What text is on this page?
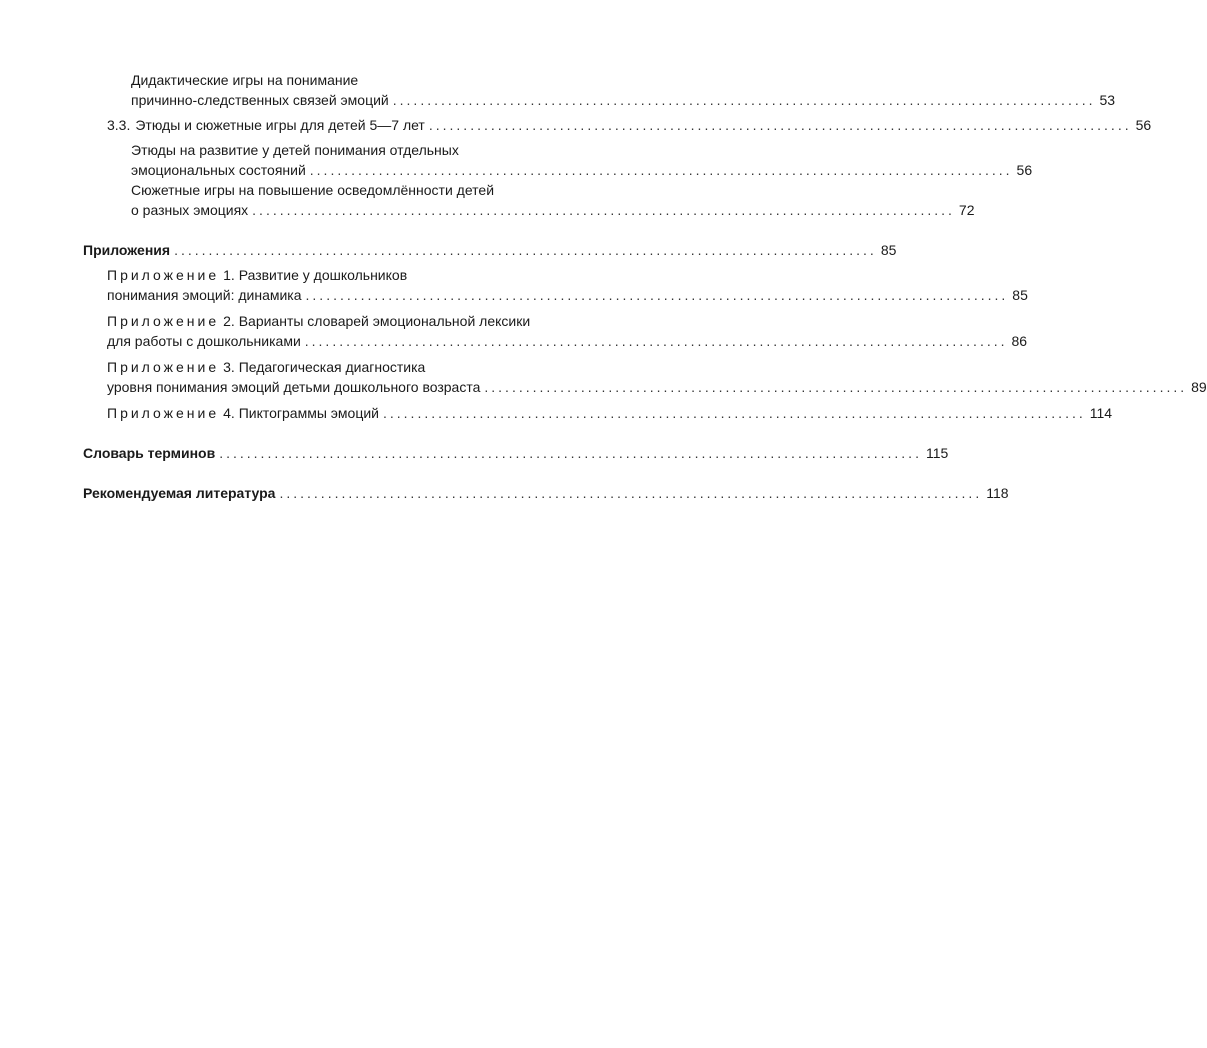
Дидактические игры на понимание
причинно-следственных связей эмоций ...................................................................................................... 53
3.3. Этюды и сюжетные игры для детей 5—7 лет ...................................................................................................... 56
Этюды на развитие у детей понимания отдельных
эмоциональных состояний ...................................................................................................... 56
Сюжетные игры на повышение осведомлённости детей
о разных эмоциях ...................................................................................................... 72
Приложения ...................................................................................................... 85
Приложение 1. Развитие у дошкольников
понимания эмоций: динамика ...................................................................................................... 85
Приложение 2. Варианты словарей эмоциональной лексики
для работы с дошкольниками ...................................................................................................... 86
Приложение 3. Педагогическая диагностика
уровня понимания эмоций детьми дошкольного возраста ...................................................................................................... 89
Приложение 4. Пиктограммы эмоций ...................................................................................................... 114
Словарь терминов ...................................................................................................... 115
Рекомендуемая литература ...................................................................................................... 118
